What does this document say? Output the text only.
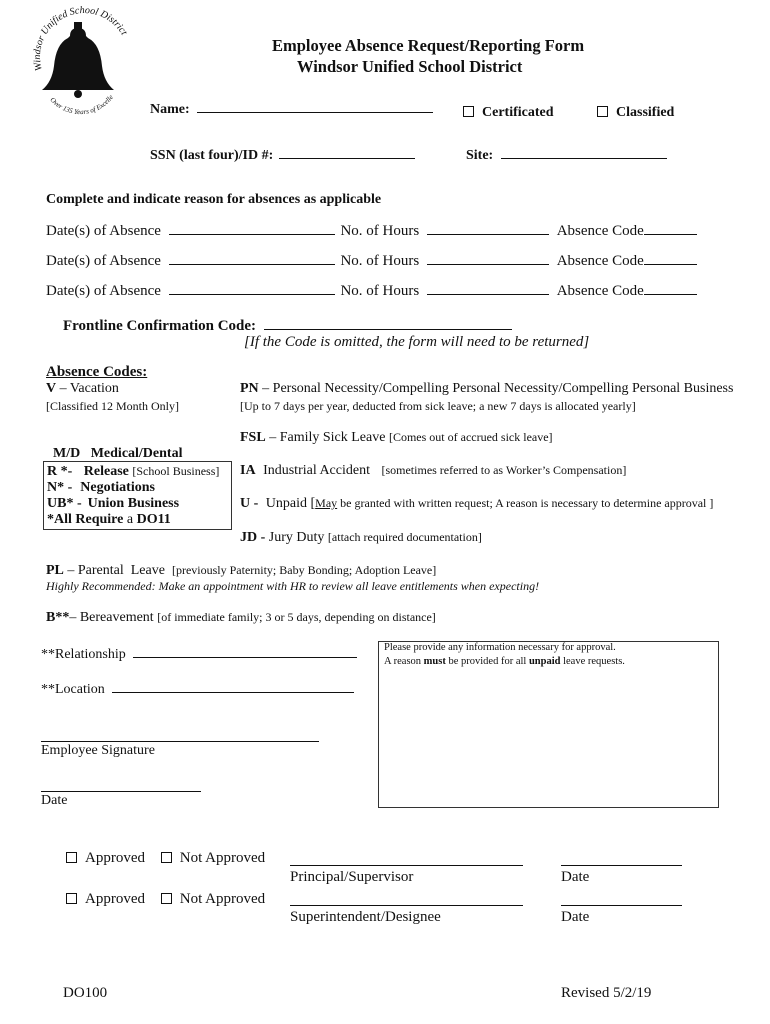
Windsor Unified School District
Over 135 Years of Excelle
Employee Absence Request/Reporting Form
Windsor Unified School District
Name:	Certificated	Classified
SSN (last four)/ID #:	Site:
Complete and indicate reason for absences as applicable
Date(s) of Absence	No. of Hours	Absence Code
Date(s) of Absence	No. of Hours	Absence Code
Date(s) of Absence	No. of Hours	Absence Code
Frontline Confirmation Code:
[If the Code is omitted, the form will need to be returned]
Absence Codes:
V – Vacation
[Classified 12 Month Only]
PN – Personal Necessity/Compelling Personal Necessity/Compelling Personal Business
[Up to 7 days per year, deducted from sick leave; a new 7 days is allocated yearly]

M/D   Medical/Dental

FSL – Family Sick Leave [Comes out of accrued sick leave]
R *- Release [School Business]
N* - Negotiations
UB* - Union Business
*All Require a DO11
IA Industrial Accident [sometimes referred to as Worker’s Compensation]
U - Unpaid [May be granted with written request; A reason is necessary to determine approval ]
JD - Jury Duty [attach required documentation]
PL – Parental  Leave [previously Paternity; Baby Bonding; Adoption Leave]
Highly Recommended: Make an appointment with HR to review all leave entitlements when expecting!
B**– Bereavement [of immediate family; 3 or 5 days, depending on distance]
**Relationship
**Location
Please provide any information necessary for approval.
A reason must be provided for all unpaid leave requests.
Employee Signature
Date
Approved Not Approved
Principal/Supervisor	Date
Approved Not Approved
Superintendent/Designee	Date
DO100	Revised 5/2/19
